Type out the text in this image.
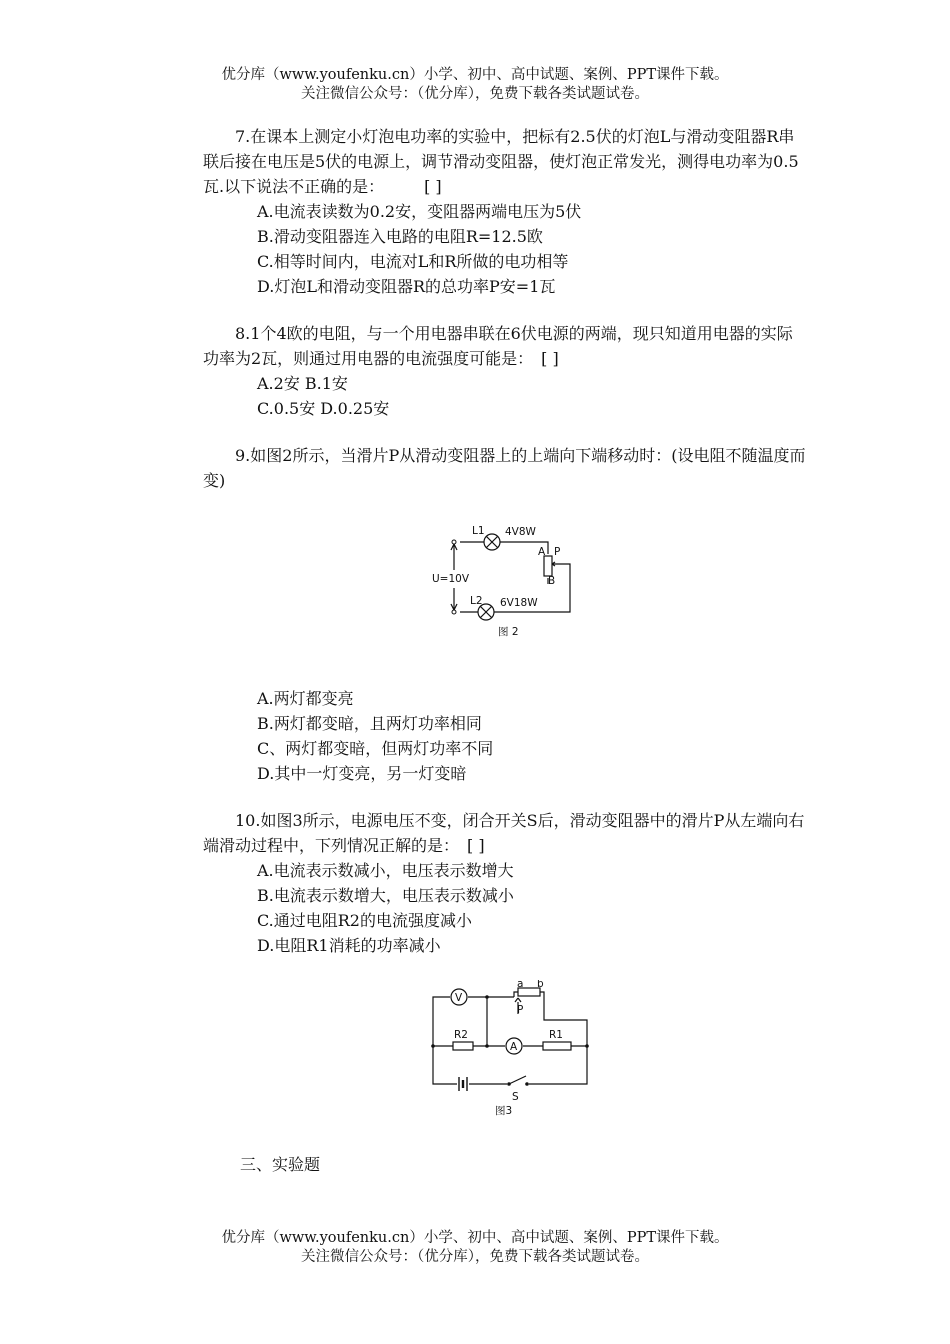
优分库（www.youfenku.cn）小学、初中、高中试题、案例、PPT课件下载。
关注微信公众号：（优分库），免费下载各类试题试卷。

7.在课本上测定小灯泡电功率的实验中，把标有2.5伏的灯泡L与滑动变阻器R串联后接在电压是5伏的电源上，调节滑动变阻器，使灯泡正常发光，测得电功率为0.5瓦.以下说法不正确的是：　　　[ ]

A.电流表读数为0.2安，变阻器两端电压为5伏

B.滑动变阻器连入电路的电阻R=12.5欧

C.相等时间内，电流对L和R所做的电功相等

D.灯泡L和滑动变阻器R的总功率P安=1瓦

8.1个4欧的电阻，与一个用电器串联在6伏电源的两端，现只知道用电器的实际功率为2瓦，则通过用电器的电流强度可能是：　[ ]

A.2安 B.1安

C.0.5安 D.0.25安

9.如图2所示，当滑片P从滑动变阻器上的上端向下端移动时：(设电阻不随温度而变)

L1 4V8W
A P
B
U=10V
L2 6V18W
图 2

A.两灯都变亮

B.两灯都变暗，且两灯功率相同

C、两灯都变暗，但两灯功率不同

D.其中一灯变亮，另一灯变暗

10.如图3所示，电源电压不变，闭合开关S后，滑动变阻器中的滑片P从左端向右端滑动过程中，下列情况正解的是：　[ ]

A.电流表示数减小，电压表示数增大

B.电流表示数增大，电压表示数减小

C.通过电阻R2的电流强度减小

D.电阻R1消耗的功率减小

V
A
a b
P
R2	R1
S
图3
三、实验题
优分库（www.youfenku.cn）小学、初中、高中试题、案例、PPT课件下载。
关注微信公众号：（优分库），免费下载各类试题试卷。
